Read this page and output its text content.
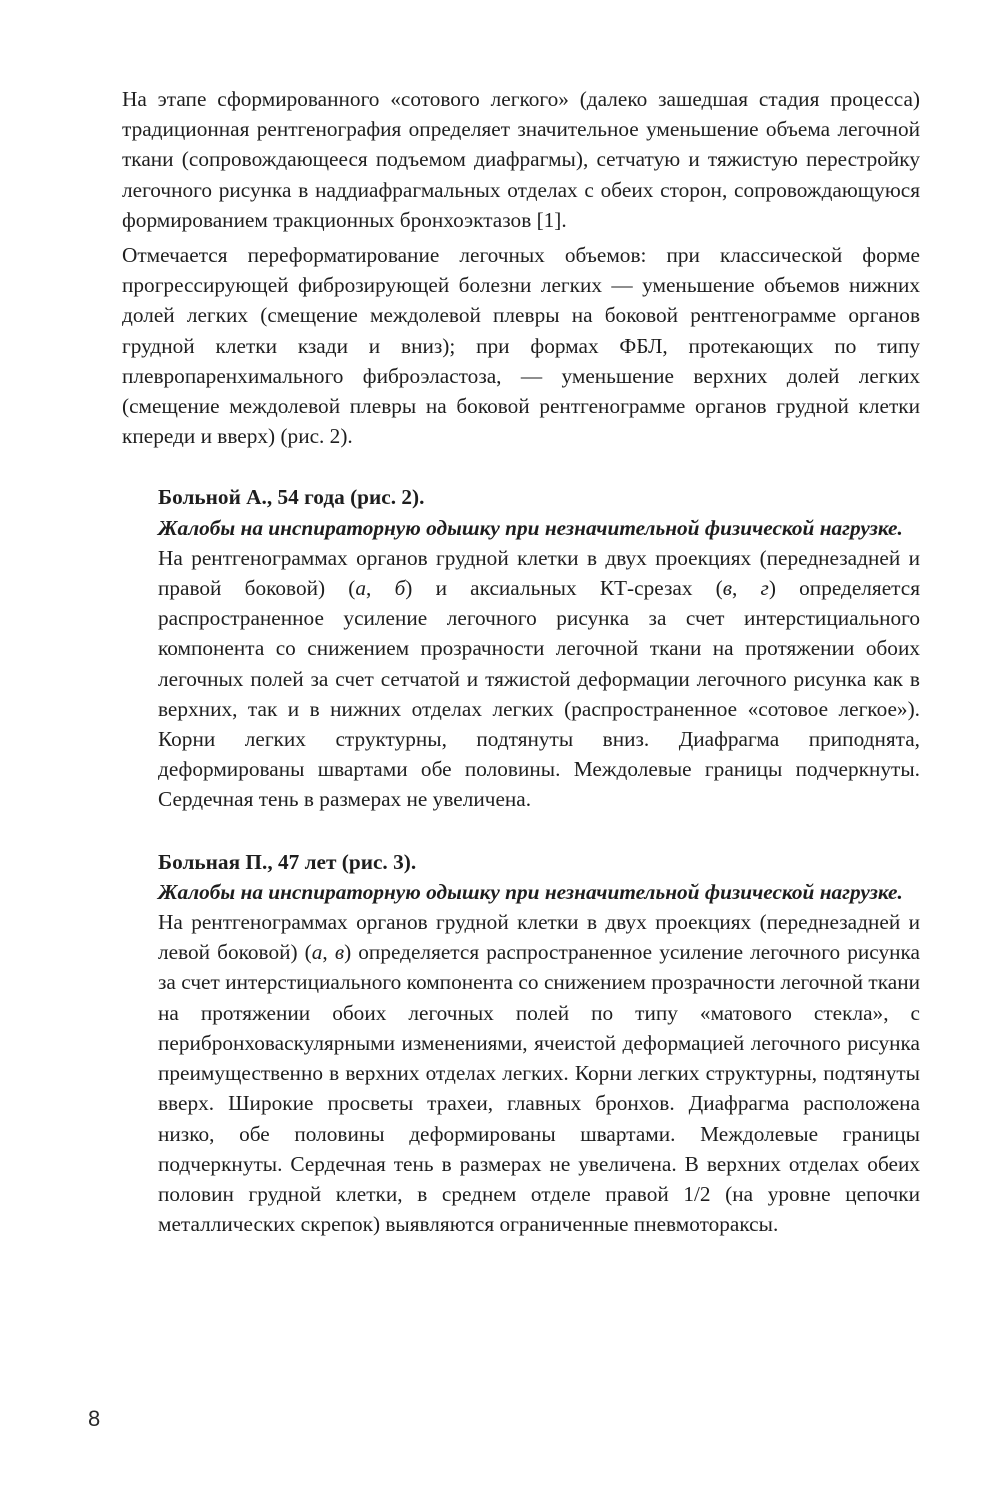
На этапе сформированного «сотового легкого» (далеко зашедшая стадия процесса) традиционная рентгенография определяет значительное уменьшение объема легочной ткани (сопровождающееся подъемом диафрагмы), сетчатую и тяжистую перестройку легочного рисунка в наддиафрагмальных отделах с обеих сторон, сопровождающуюся формированием тракционных бронхоэктазов [1].

Отмечается переформатирование легочных объемов: при классической форме прогрессирующей фиброзирующей болезни легких — уменьшение объемов нижних долей легких (смещение междолевой плевры на боковой рентгенограмме органов грудной клетки кзади и вниз); при формах ФБЛ, протекающих по типу плевропаренхимального фиброэластоза, — уменьшение верхних долей легких (смещение междолевой плевры на боковой рентгенограмме органов грудной клетки кпереди и вверх) (рис. 2).

Больной А., 54 года (рис. 2).

Жалобы на инспираторную одышку при незначительной физической нагрузке.

На рентгенограммах органов грудной клетки в двух проекциях (переднезадней и правой боковой) (а, б) и аксиальных КТ-срезах (в, г) определяется распространенное усиление легочного рисунка за счет интерстициального компонента со снижением прозрачности легочной ткани на протяжении обоих легочных полей за счет сетчатой и тяжистой деформации легочного рисунка как в верхних, так и в нижних отделах легких (распространенное «сотовое легкое»). Корни легких структурны, подтянуты вниз. Диафрагма приподнята, деформированы швартами обе половины. Междолевые границы подчеркнуты. Сердечная тень в размерах не увеличена.

Больная П., 47 лет (рис. 3).

Жалобы на инспираторную одышку при незначительной физической нагрузке.

На рентгенограммах органов грудной клетки в двух проекциях (переднезадней и левой боковой) (а, в) определяется распространенное усиление легочного рисунка за счет интерстициального компонента со снижением прозрачности легочной ткани на протяжении обоих легочных полей по типу «матового стекла», с перибронховаскулярными изменениями, ячеистой деформацией легочного рисунка преимущественно в верхних отделах легких. Корни легких структурны, подтянуты вверх. Широкие просветы трахеи, главных бронхов. Диафрагма расположена низко, обе половины деформированы швартами. Междолевые границы подчеркнуты. Сердечная тень в размерах не увеличена. В верхних отделах обеих половин грудной клетки, в среднем отделе правой 1/2 (на уровне цепочки металлических скрепок) выявляются ограниченные пневмотораксы.

8
